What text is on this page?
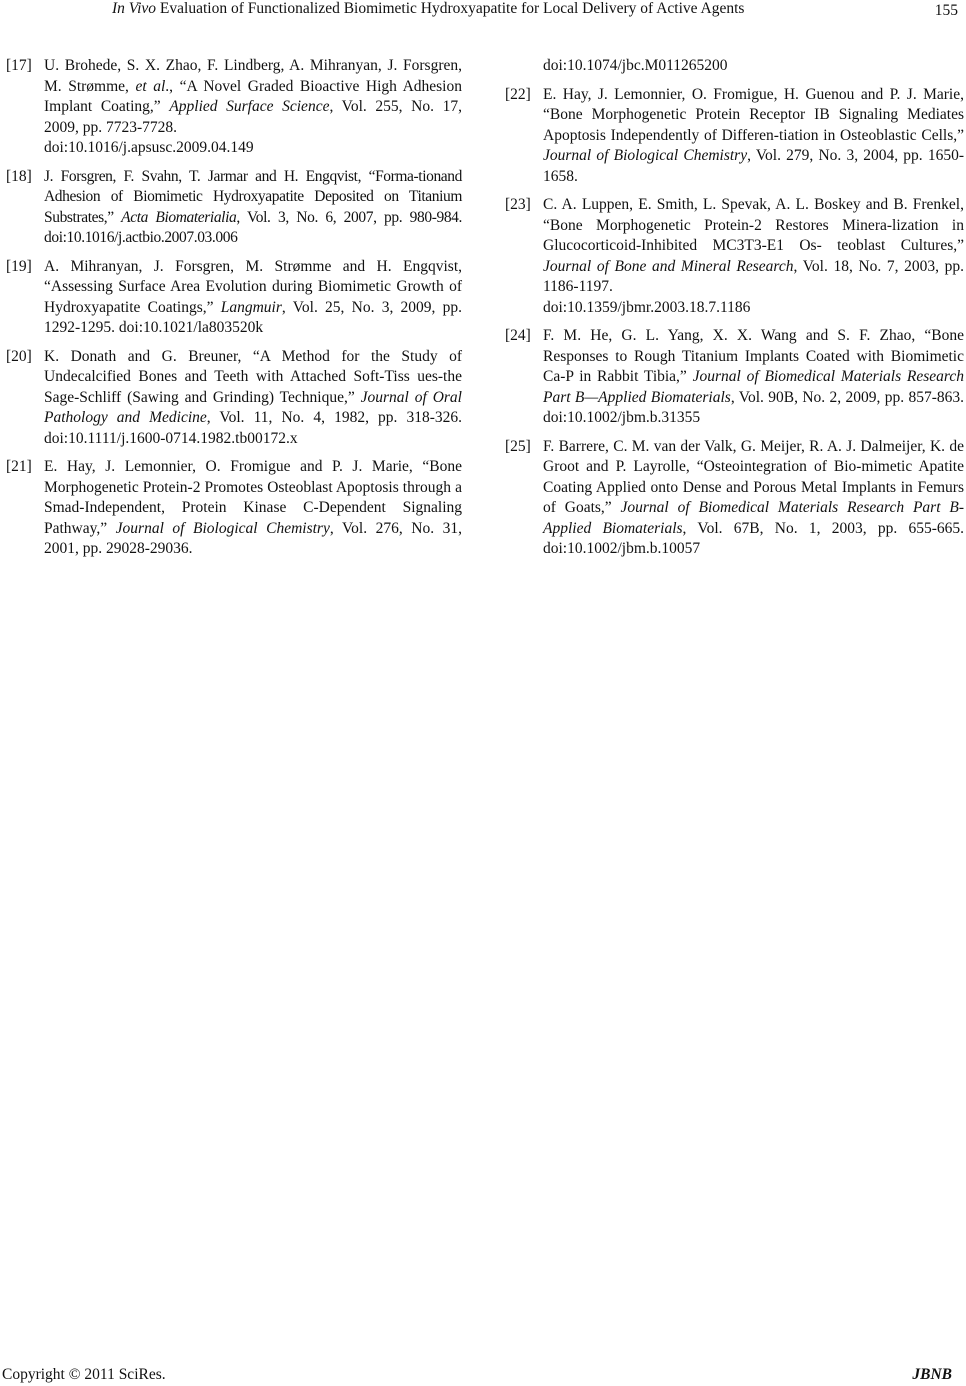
In Vivo Evaluation of Functionalized Biomimetic Hydroxyapatite for Local Delivery of Active Agents	155
[17] U. Brohede, S. X. Zhao, F. Lindberg, A. Mihranyan, J. Forsgren, M. Strømme, et al., “A Novel Graded Bioactive High Adhesion Implant Coating,” Applied Surface Science, Vol. 255, No. 17, 2009, pp. 7723-7728.
doi:10.1016/j.apsusc.2009.04.149
[18] J. Forsgren, F. Svahn, T. Jarmar and H. Engqvist, “Forma-tionand Adhesion of Biomimetic Hydroxyapatite Deposited on Titanium Substrates,” Acta Biomaterialia, Vol. 3, No. 6, 2007, pp. 980-984. doi:10.1016/j.actbio.2007.03.006
[19] A. Mihranyan, J. Forsgren, M. Strømme and H. Engqvist, “Assessing Surface Area Evolution during Biomimetic Growth of Hydroxyapatite Coatings,” Langmuir, Vol. 25, No. 3, 2009, pp. 1292-1295. doi:10.1021/la803520k
[20] K. Donath and G. Breuner, “A Method for the Study of Undecalcified Bones and Teeth with Attached Soft-Tiss ues-the Sage-Schliff (Sawing and Grinding) Technique,” Journal of Oral Pathology and Medicine, Vol. 11, No. 4, 1982, pp. 318-326. doi:10.1111/j.1600-0714.1982.tb00172.x
[21] E. Hay, J. Lemonnier, O. Fromigue and P. J. Marie, “Bone Morphogenetic Protein-2 Promotes Osteoblast Apoptosis through a Smad-Independent, Protein Kinase C-Dependent Signaling Pathway,” Journal of Biological Chemistry, Vol. 276, No. 31, 2001, pp. 29028-29036.
doi:10.1074/jbc.M011265200
[22] E. Hay, J. Lemonnier, O. Fromigue, H. Guenou and P. J. Marie, “Bone Morphogenetic Protein Receptor IB Signaling Mediates Apoptosis Independently of Differen-tiation in Osteoblastic Cells,” Journal of Biological Chemistry, Vol. 279, No. 3, 2004, pp. 1650-1658.
[23] C. A. Luppen, E. Smith, L. Spevak, A. L. Boskey and B. Frenkel, “Bone Morphogenetic Protein-2 Restores Minera-lization in Glucocorticoid-Inhibited MC3T3-E1 Os- teoblast Cultures,” Journal of Bone and Mineral Research, Vol. 18, No. 7, 2003, pp. 1186-1197.
doi:10.1359/jbmr.2003.18.7.1186
[24] F. M. He, G. L. Yang, X. X. Wang and S. F. Zhao, “Bone Responses to Rough Titanium Implants Coated with Biomimetic Ca-P in Rabbit Tibia,” Journal of Biomedical Materials Research Part B—Applied Biomaterials, Vol. 90B, No. 2, 2009, pp. 857-863. doi:10.1002/jbm.b.31355
[25] F. Barrere, C. M. van der Valk, G. Meijer, R. A. J. Dalmeijer, K. de Groot and P. Layrolle, “Osteointegration of Bio-mimetic Apatite Coating Applied onto Dense and Porous Metal Implants in Femurs of Goats,” Journal of Biomedical Materials Research Part B-Applied Biomaterials, Vol. 67B, No. 1, 2003, pp. 655-665. doi:10.1002/jbm.b.10057
Copyright © 2011 SciRes.	JBNB
